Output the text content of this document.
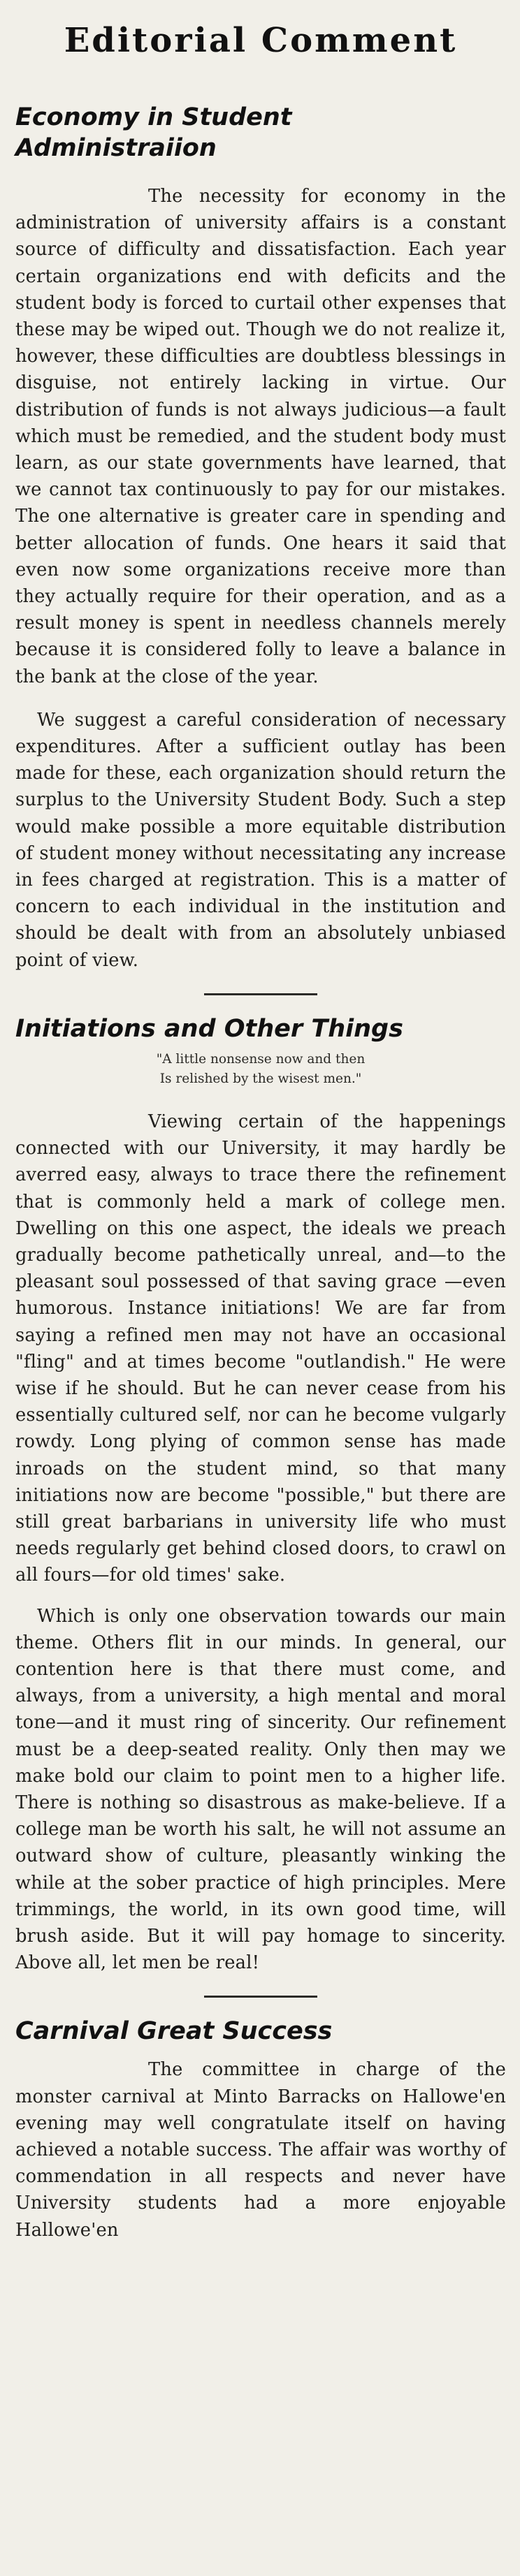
Editorial Comment
Economy in Student
Administraiion

The necessity for economy in the administration of university affairs is a constant source of difficulty and dissatisfaction. Each year certain organizations end with deficits and the student body is forced to curtail other expenses that these may be wiped out. Though we do not realize it, however, these difficulties are doubtless blessings in disguise, not entirely lacking in virtue. Our distribution of funds is not always judicious—a fault which must be remedied, and the student body must learn, as our state governments have learned, that we cannot tax continuously to pay for our mistakes. The one alternative is greater care in spending and better allocation of funds. One hears it said that even now some organizations receive more than they actually require for their operation, and as a result money is spent in needless channels merely because it is considered folly to leave a balance in the bank at the close of the year.

We suggest a careful consideration of necessary expenditures. After a sufficient outlay has been made for these, each organization should return the surplus to the University Student Body. Such a step would make possible a more equitable distribution of student money without necessitating any increase in fees charged at registration. This is a matter of concern to each individual in the institution and should be dealt with from an absolutely unbiased point of view.

Initiations and Other Things
"A little nonsense now and then
Is relished by the wisest men."

Viewing certain of the happenings connected with our University, it may hardly be averred easy, always to trace there the refinement that is commonly held a mark of college men. Dwelling on this one aspect, the ideals we preach gradually become pathetically unreal, and—to the pleasant soul possessed of that saving grace —even humorous. Instance initiations! We are far from saying a refined men may not have an occasional "fling" and at times become "outlandish." He were wise if he should. But he can never cease from his essentially cultured self, nor can he become vulgarly rowdy. Long plying of common sense has made inroads on the student mind, so that many initiations now are become "possible," but there are still great barbarians in university life who must needs regularly get behind closed doors, to crawl on all fours—for old times' sake.

Which is only one observation towards our main theme. Others flit in our minds. In general, our contention here is that there must come, and always, from a university, a high mental and moral tone—and it must ring of sincerity. Our refinement must be a deep-seated reality. Only then may we make bold our claim to point men to a higher life. There is nothing so disastrous as make-believe. If a college man be worth his salt, he will not assume an outward show of culture, pleasantly winking the while at the sober practice of high principles. Mere trimmings, the world, in its own good time, will brush aside. But it will pay homage to sincerity. Above all, let men be real!

Carnival Great Success

The committee in charge of the monster carnival at Minto Barracks on Hallowe'en evening may well congratulate itself on having achieved a notable success. The affair was worthy of commendation in all respects and never have University students had a more enjoyable Hallowe'en
